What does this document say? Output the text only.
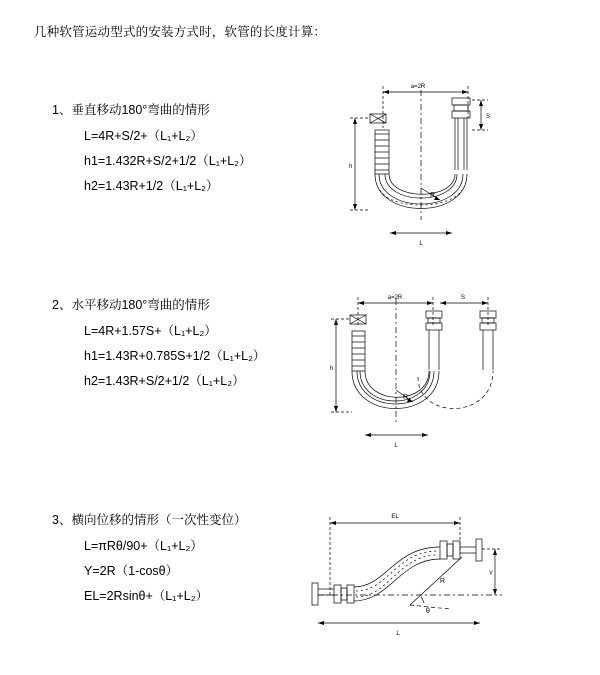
几种软管运动型式的安装方式时，软管的长度计算：
1、垂直移动180°弯曲的情形
L=4R+S/2+（L₁+L₂）
h1=1.432R+S/2+1/2（L₁+L₂）
h2=1.43R+1/2（L₁+L₂）
a=2R
R
L
h
S
2、水平移动180°弯曲的情形
L=4R+1.57S+（L₁+L₂）
h1=1.43R+0.785S+1/2（L₁+L₂）
h2=1.43R+S/2+1/2（L₁+L₂）
a=2R	S
R
L
h
3、横向位移的情形（一次性变位）
L=πRθ/90+（L₁+L₂）
Y=2R（1-cosθ）
EL=2Rsinθ+（L₁+L₂）
EL
Y
L
θ
R
